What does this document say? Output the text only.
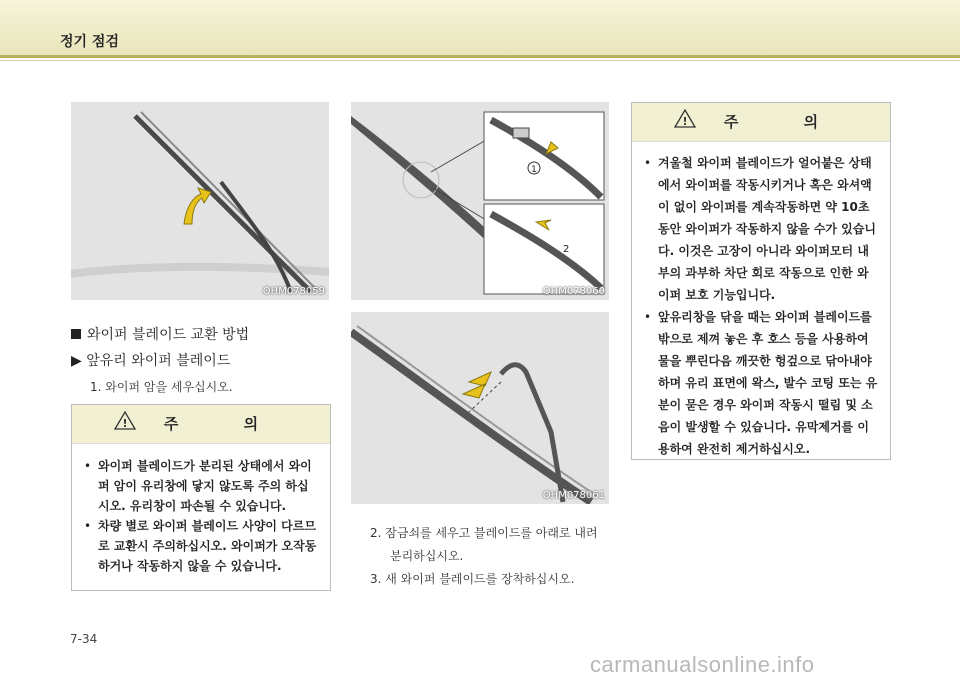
정기 점검
OHM078059
1
2
OHM078060
OHM078061
와이퍼 블레이드 교환 방법
▶ 앞유리 와이퍼 블레이드
1. 와이퍼 암을 세우십시오.
! 주 의
• 와이퍼 블레이드가 분리된 상태에서 와이퍼 암이 유리창에 닿지 않도록 주의 하십시오. 유리창이 파손될 수 있습니다.
• 차량 별로 와이퍼 블레이드 사양이 다르므로 교환시 주의하십시오. 와이퍼가 오작동 하거나 작동하지 않을 수 있습니다.
2. 잠금쇠를 세우고 블레이드를 아래로 내려
분리하십시오.
3. 새 와이퍼 블레이드를 장착하십시오.
! 주 의
• 겨울철 와이퍼 블레이드가 얼어붙은 상태에서 와이퍼를 작동시키거나 혹은 와셔액이 없이 와이퍼를 계속작동하면 약 10초동안 와이퍼가 작동하지 않을 수가 있습니다. 이것은 고장이 아니라 와이퍼모터 내부의 과부하 차단 회로 작동으로 인한 와이퍼 보호 기능입니다.
• 앞유리창을 닦을 때는 와이퍼 블레이드를 밖으로 제껴 놓은 후 호스 등을 사용하여 물을 뿌린다음 깨끗한 헝겊으로 닦아내야 하며 유리 표면에 왁스, 발수 코팅 또는 유분이 묻은 경우 와이퍼 작동시 떨림 및 소음이 발생할 수 있습니다. 유막제거를 이용하여 완전히 제거하십시오.
7-34
carmanualsonline.info
